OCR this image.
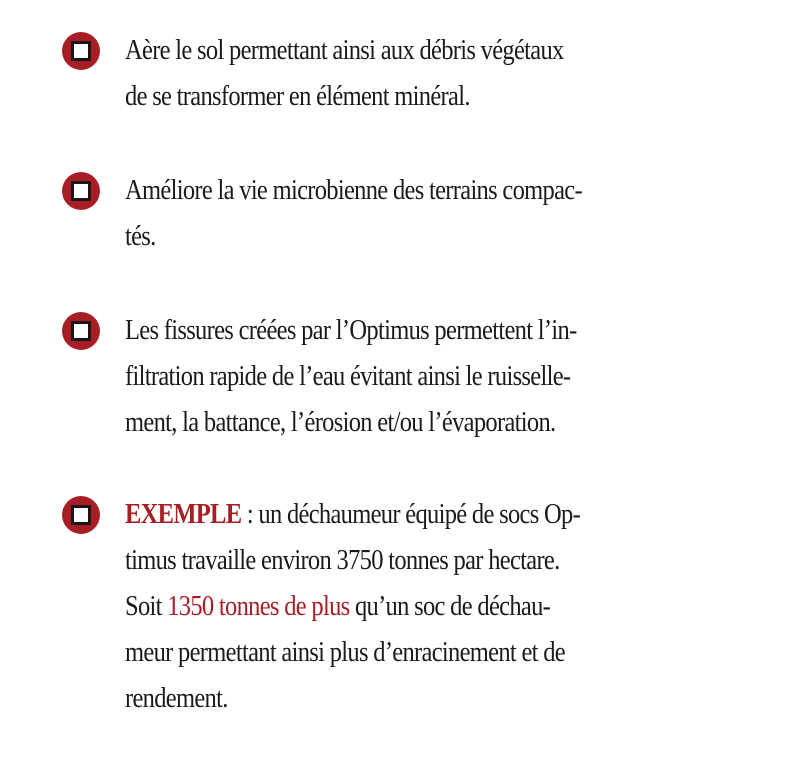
Aère le sol permettant ainsi aux débris végétaux
de se transformer en élément minéral.
Améliore la vie microbienne des terrains compac-
tés.
Les fissures créées par l’Optimus permettent l’in-
filtration rapide de l’eau évitant ainsi le ruisselle-
ment, la battance, l’érosion et/ou l’évaporation.
EXEMPLE : un déchaumeur équipé de socs Op-
timus travaille environ 3750 tonnes par hectare.
Soit 1350 tonnes de plus qu’un soc de déchau-
meur permettant ainsi plus d’enracinement et de
rendement.
